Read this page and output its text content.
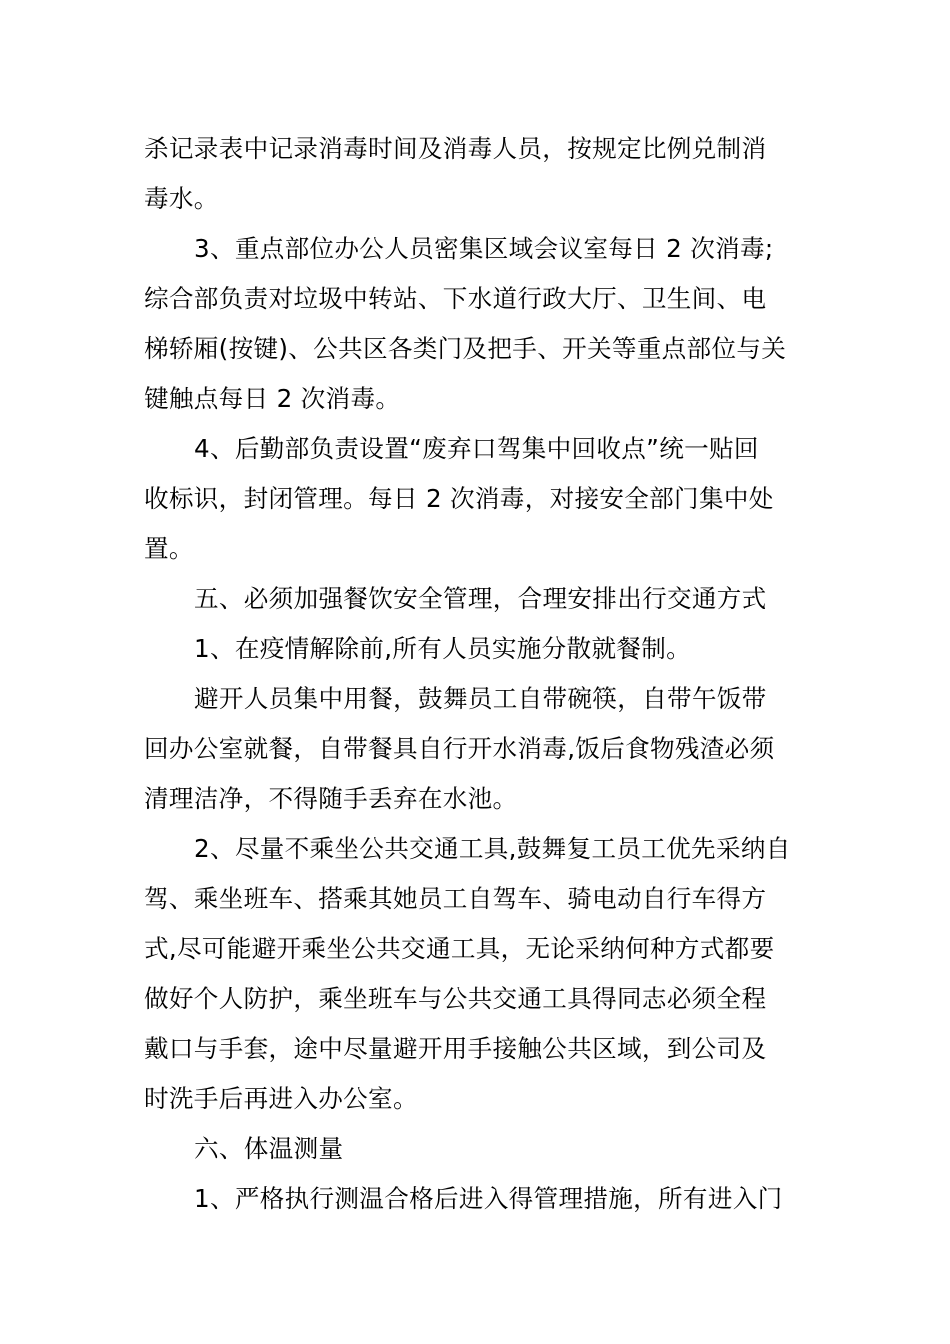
杀记录表中记录消毒时间及消毒人员，按规定比例兑制消
毒水。
3、重点部位办公人员密集区域会议室每日 2 次消毒;
综合部负责对垃圾中转站、下水道行政大厅、卫生间、电
梯轿厢(按键)、公共区各类门及把手、开关等重点部位与关
键触点每日 2 次消毒。
4、后勤部负责设置“废弃口驾集中回收点”统一贴回
收标识，封闭管理。每日 2 次消毒，对接安全部门集中处
置。
五、必须加强餐饮安全管理，合理安排出行交通方式
1、在疫情解除前,所有人员实施分散就餐制。
避开人员集中用餐，鼓舞员工自带碗筷，自带午饭带
回办公室就餐，自带餐具自行开水消毒,饭后食物残渣必须
清理洁净，不得随手丢弃在水池。
2、尽量不乘坐公共交通工具,鼓舞复工员工优先采纳自
驾、乘坐班车、搭乘其她员工自驾车、骑电动自行车得方
式,尽可能避开乘坐公共交通工具，无论采纳何种方式都要
做好个人防护，乘坐班车与公共交通工具得同志必须全程
戴口与手套，途中尽量避开用手接触公共区域，到公司及
时洗手后再进入办公室。
六、体温测量
1、严格执行测温合格后进入得管理措施，所有进入门
